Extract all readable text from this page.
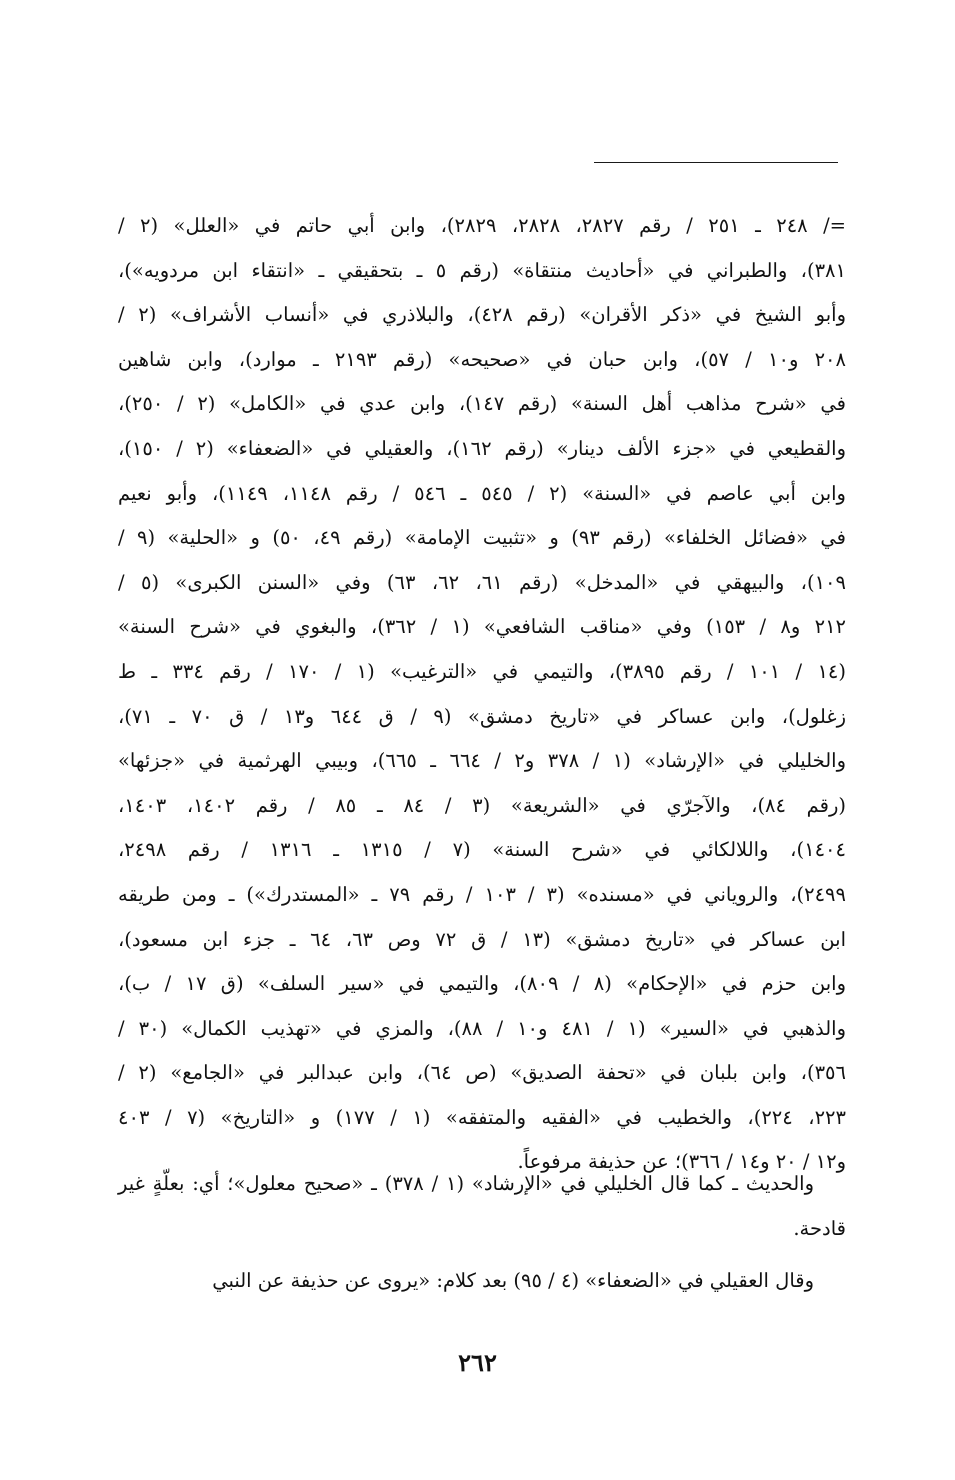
=/ ٢٤٨ ـ ٢٥١ / رقم ٢٨٢٧، ٢٨٢٨، ٢٨٢٩)، وابن أبي حاتم في «العلل» (٢ /
٣٨١)، والطبراني في «أحاديث منتقاة» (رقم ٥ ـ بتحقيقي ـ «انتقاء ابن مردويه»)،
وأبو الشيخ في «ذكر الأقران» (رقم ٤٢٨)، والبلاذري في «أنساب الأشراف» (٢ /
٢٠٨ و١٠ / ٥٧)، وابن حبان في «صحيحه» (رقم ٢١٩٣ ـ موارد)، وابن شاهين
في «شرح مذاهب أهل السنة» (رقم ١٤٧)، وابن عدي في «الكامل» (٢ / ٢٥٠)،
والقطيعي في «جزء الألف دينار» (رقم ١٦٢)، والعقيلي في «الضعفاء» (٢ / ١٥٠)،
وابن أبي عاصم في «السنة» (٢ / ٥٤٥ ـ ٥٤٦ / رقم ١١٤٨، ١١٤٩)، وأبو نعيم
في «فضائل الخلفاء» (رقم ٩٣) و «تثبيت الإمامة» (رقم ٤٩، ٥٠) و «الحلية» (٩ /
١٠٩)، والبيهقي في «المدخل» (رقم ٦١، ٦٢، ٦٣) وفي «السنن الكبرى» (٥ /
٢١٢ و٨ / ١٥٣) وفي «مناقب الشافعي» (١ / ٣٦٢)، والبغوي في «شرح السنة»
(١٤ / ١٠١ / رقم ٣٨٩٥)، والتيمي في «الترغيب» (١ / ١٧٠ / رقم ٣٣٤ ـ ط
زغلول)، وابن عساكر في «تاريخ دمشق» (٩ / ق ٦٤٤ و١٣ / ق ٧٠ ـ ٧١)،
والخليلي في «الإرشاد» (١ / ٣٧٨ و٢ / ٦٦٤ ـ ٦٦٥)، وبيبي الهرثمية في «جزئها»
(رقم ٨٤)، والآجرّي في «الشريعة» (٣ / ٨٤ ـ ٨٥ / رقم ١٤٠٢، ١٤٠٣،
١٤٠٤)، واللالكائي في «شرح السنة» (٧ / ١٣١٥ ـ ١٣١٦ / رقم ٢٤٩٨،
٢٤٩٩)، والروياني في «مسنده» (٣ / ١٠٣ / رقم ٧٩ ـ «المستدرك») ـ ومن طريقه
ابن عساكر في «تاريخ دمشق» (١٣ / ق ٧٢ وص ٦٣، ٦٤ ـ جزء ابن مسعود)،
وابن حزم في «الإحكام» (٨ / ٨٠٩)، والتيمي في «سير السلف» (ق ١٧ / ب)،
والذهبي في «السير» (١ / ٤٨١ و١٠ / ٨٨)، والمزي في «تهذيب الكمال» (٣٠ /
٣٥٦)، وابن بلبان في «تحفة الصديق» (ص ٦٤)، وابن عبدالبر في «الجامع» (٢ /
٢٢٣، ٢٢٤)، والخطيب في «الفقيه والمتفقه» (١ / ١٧٧) و «التاريخ» (٧ / ٤٠٣
و١٢ / ٢٠ و١٤ / ٣٦٦)؛ عن حذيفة مرفوعاً.

والحديث ـ كما قال الخليلي في «الإرشاد» (١ / ٣٧٨) ـ «صحيح معلول»؛ أي: بعلّةٍ غير قادحة.

وقال العقيلي في «الضعفاء» (٤ / ٩٥) بعد كلام: «يروى عن حذيفة عن النبي

٢٦٢
